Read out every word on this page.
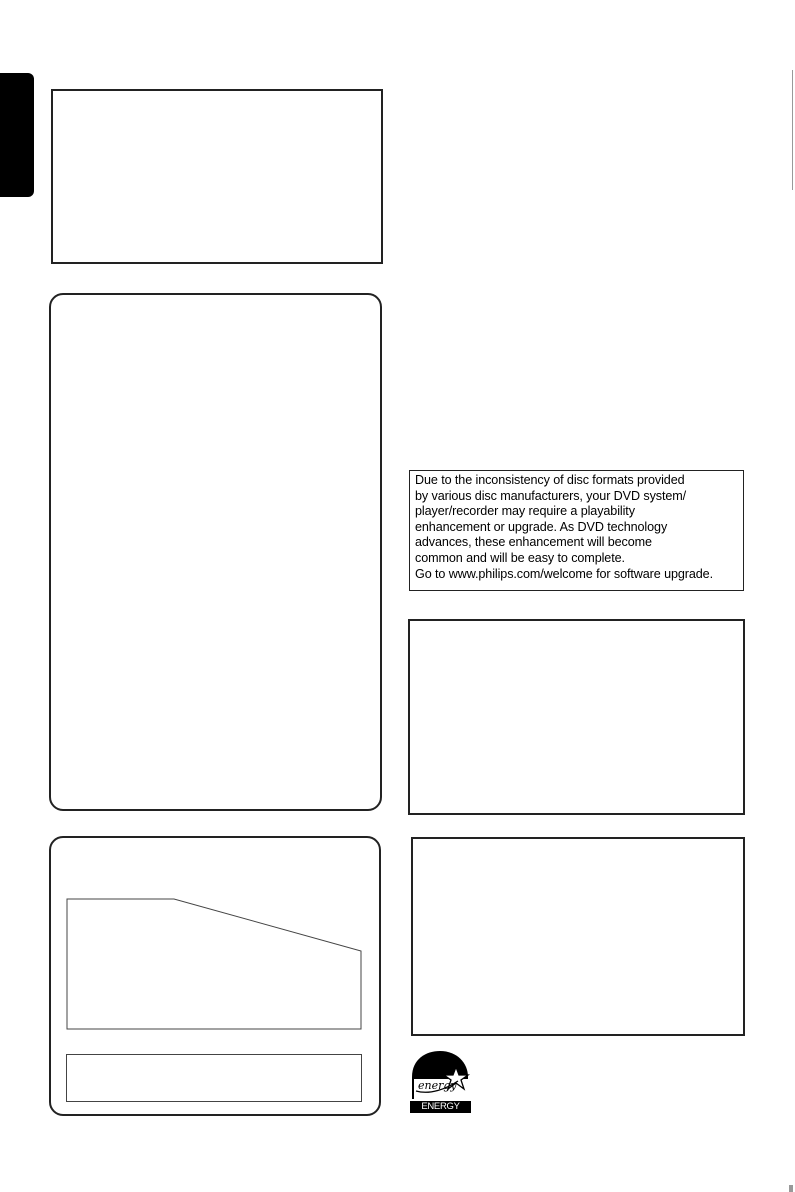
Due to the inconsistency of disc formats provided
by various disc manufacturers, your DVD system/
player/recorder may require a playability
enhancement or upgrade. As DVD technology
advances, these enhancement will become
common and will be easy to complete.
Go to www.philips.com/welcome for software upgrade.
energy
ENERGY STAR
